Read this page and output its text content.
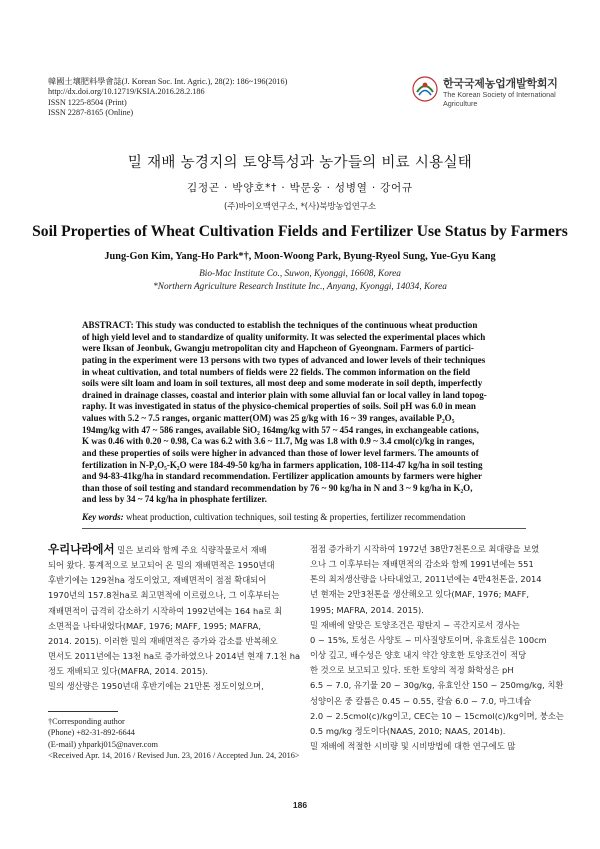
韓國土壤肥料學會誌(J. Korean Soc. Int. Agric.), 28(2): 186~196(2016)
http://dx.doi.org/10.12719/KSIA.2016.28.2.186
ISSN 1225-8504 (Print)
ISSN 2287-8165 (Online)
한국국제농업개발학회지
The Korean Society of International
Agriculture
밀 재배 농경지의 토양특성과 농가들의 비료 시용실태
김정곤 · 박양호*† · 박문웅 · 성병열 · 강어규
(주)바이오맥연구소, *(사)북방농업연구소
Soil Properties of Wheat Cultivation Fields and Fertilizer Use Status by Farmers
Jung-Gon Kim, Yang-Ho Park*†, Moon-Woong Park, Byung-Ryeol Sung, Yue-Gyu Kang
Bio-Mac Institute Co., Suwon, Kyonggi, 16608, Korea
*Northern Agriculture Research Institute Inc., Anyang, Kyonggi, 14034, Korea
ABSTRACT: This study was conducted to establish the techniques of the continuous wheat production
of high yield level and to standardize of quality uniformity. It was selected the experimental places which
were Iksan of Jeonbuk, Gwangju metropolitan city and Hapcheon of Gyeongnam. Farmers of partici-
pating in the experiment were 13 persons with two types of advanced and lower levels of their techniques
in wheat cultivation, and total numbers of fields were 22 fields. The common information on the field
soils were silt loam and loam in soil textures, all most deep and some moderate in soil depth, imperfectly
drained in drainage classes, coastal and interior plain with some alluvial fan or local valley in land topog-
raphy. It was investigated in status of the physico-chemical properties of soils. Soil pH was 6.0 in mean
values with 5.2 ~ 7.5 ranges, organic matter(OM) was 25 g/kg with 16 ~ 39 ranges, available P₂O₅
194mg/kg with 47 ~ 586 ranges, available SiO₂ 164mg/kg with 57 ~ 454 ranges, in exchangeable cations,
K was 0.46 with 0.20 ~ 0.98, Ca was 6.2 with 3.6 ~ 11.7, Mg was 1.8 with 0.9 ~ 3.4 cmol(c)/kg in ranges,
and these properties of soils were higher in advanced than those of lower level farmers. The amounts of
fertilization in N-P₂O₅-K₂O were 184-49-50 kg/ha in farmers application, 108-114-47 kg/ha in soil testing
and 94-83-41kg/ha in standard recommendation. Fertilizer application amounts by farmers were higher
than those of soil testing and standard recommendation by 76 ~ 90 kg/ha in N and 3 ~ 9 kg/ha in K₂O,
and less by 34 ~ 74 kg/ha in phosphate fertilizer.
Key words: wheat production, cultivation techniques, soil testing & properties, fertilizer recommendation
우리나라에서 밀은 보리와 함께 주요 식량작물로서 재배
되어 왔다. 통계적으로 보고되어 온 밀의 재배면적은 1950년대
후반기에는 129천ha 정도이었고, 재배면적이 점점 확대되어
1970년의 157.8천ha로 최고면적에 이르렀으나, 그 이후부터는
재배면적이 급격히 감소하기 시작하여 1992년에는 164 ha로 최
소면적을 나타내었다(MAF, 1976; MAFF, 1995; MAFRA,
2014. 2015). 이러한 밀의 재배면적은 증가와 감소를 반복해오
면서도 2011년에는 13천 ha로 증가하였으나 2014년 현재 7.1천 ha
정도 재배되고 있다(MAFRA, 2014. 2015).
밀의 생산량은 1950년대 후반기에는 21만톤 정도이었으며,
점점 증가하기 시작하여 1972년 38만7천톤으로 최대량을 보였
으나 그 이후부터는 재배면적의 감소와 함께 1991년에는 551
톤의 최저생산량을 나타내었고, 2011년에는 4만4천톤을, 2014
년 현재는 2만3천톤을 생산해오고 있다(MAF, 1976; MAFF,
1995; MAFRA, 2014. 2015).
밀 재배에 알맞은 토양조건은 평탄지 ~ 곡간지로서 경사는
0 ~ 15%, 토성은 사양토 ~ 미사질양토이며, 유효토심은 100cm
이상 깊고, 배수성은 양호 내지 약간 양호한 토양조건이 적당
한 것으로 보고되고 있다. 또한 토양의 적정 화학성은 pH
6.5 ~ 7.0, 유기물 20 ~ 30g/kg, 유효인산 150 ~ 250mg/kg, 치환
성양이온 중 칼륨은 0.45 ~ 0.55, 칼슘 6.0 ~ 7.0, 마그네슘
2.0 ~ 2.5cmol(c)/kg이고, CEC는 10 ~ 15cmol(c)/kg이며, 붕소는
0.5 mg/kg 정도이다(NAAS, 2010; NAAS, 2014b).
밀 재배에 적절한 시비량 및 시비방법에 대한 연구에도 많
†Corresponding author
(Phone) +82-31-892-6644
(E-mail) yhparkj015@naver.com
<Received Apr. 14, 2016 / Revised Jun. 23, 2016 / Accepted Jun. 24, 2016>
186
